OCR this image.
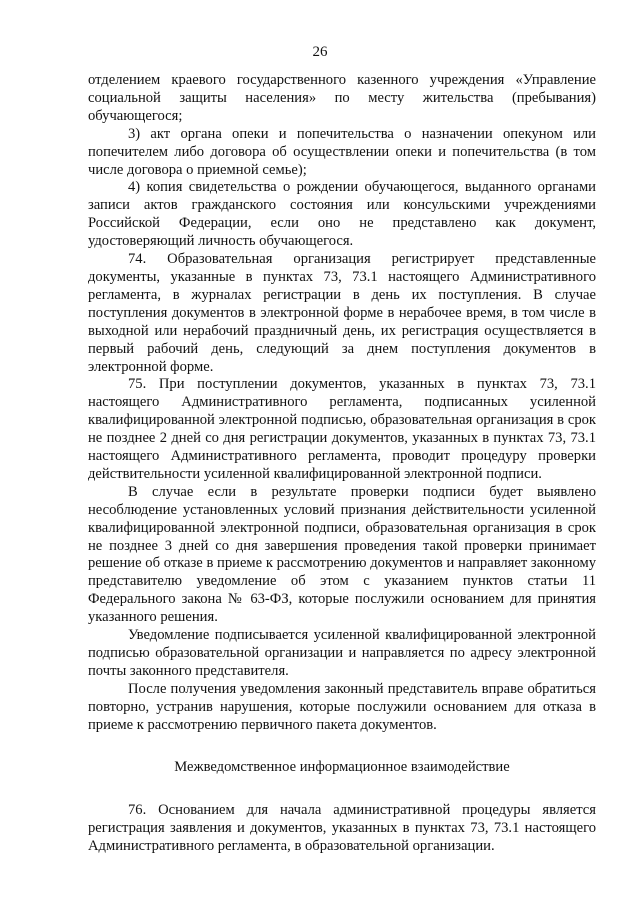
26

отделением краевого государственного казенного учреждения «Управление социальной защиты населения» по месту жительства (пребывания) обучающегося;

3) акт органа опеки и попечительства о назначении опекуном или попечителем либо договора об осуществлении опеки и попечительства (в том числе договора о приемной семье);

4) копия свидетельства о рождении обучающегося, выданного органами записи актов гражданского состояния или консульскими учреждениями Российской Федерации, если оно не представлено как документ, удостоверяющий личность обучающегося.

74. Образовательная организация регистрирует представленные документы, указанные в пунктах 73, 73.1 настоящего Административного регламента, в журналах регистрации в день их поступления. В случае поступления документов в электронной форме в нерабочее время, в том числе в выходной или нерабочий праздничный день, их регистрация осуществляется в первый рабочий день, следующий за днем поступления документов в электронной форме.

75. При поступлении документов, указанных в пунктах 73, 73.1 настоящего Административного регламента, подписанных усиленной квалифицированной электронной подписью, образовательная организация в срок не позднее 2 дней со дня регистрации документов, указанных в пунктах 73, 73.1 настоящего Административного регламента, проводит процедуру проверки действительности усиленной квалифицированной электронной подписи.

В случае если в результате проверки подписи будет выявлено несоблюдение установленных условий признания действительности усиленной квалифицированной электронной подписи, образовательная организация в срок не позднее 3 дней со дня завершения проведения такой проверки принимает решение об отказе в приеме к рассмотрению документов и направляет законному представителю уведомление об этом с указанием пунктов статьи 11 Федерального закона № 63-ФЗ, которые послужили основанием для принятия указанного решения.

Уведомление подписывается усиленной квалифицированной электронной подписью образовательной организации и направляется по адресу электронной почты законного представителя.

После получения уведомления законный представитель вправе обратиться повторно, устранив нарушения, которые послужили основанием для отказа в приеме к рассмотрению первичного пакета документов.

Межведомственное информационное взаимодействие

76. Основанием для начала административной процедуры является регистрация заявления и документов, указанных в пунктах 73, 73.1 настоящего Административного регламента, в образовательной организации.
